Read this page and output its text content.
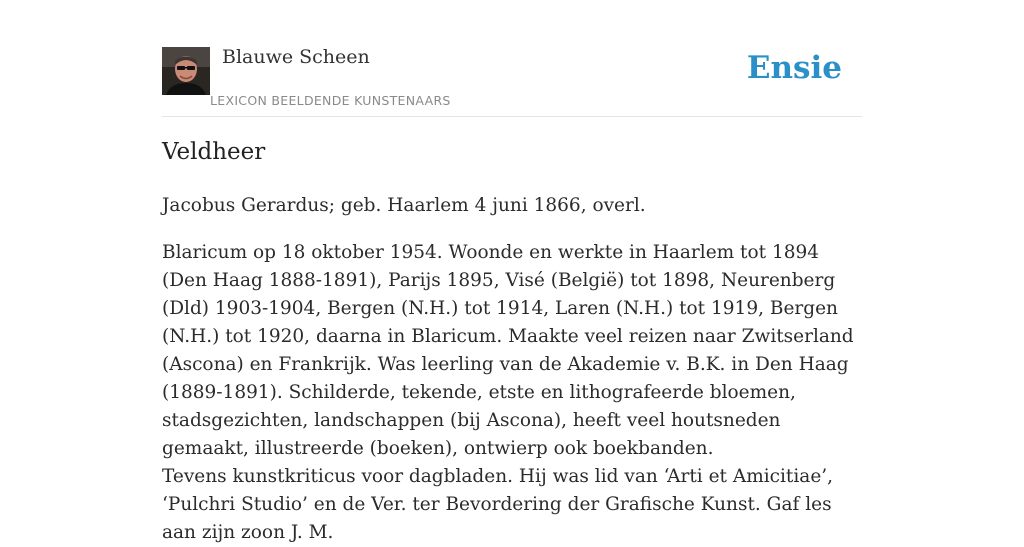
Blauwe Scheen
LEXICON BEELDENDE KUNSTENAARS
Ensie
Veldheer

Jacobus Gerardus; geb. Haarlem 4 juni 1866, overl.

Blaricum op 18 oktober 1954. Woonde en werkte in Haarlem tot 1894 (Den Haag 1888-1891), Parijs 1895, Visé (België) tot 1898, Neurenberg (Dld) 1903-1904, Bergen (N.H.) tot 1914, Laren (N.H.) tot 1919, Bergen (N.H.) tot 1920, daarna in Blaricum. Maakte veel reizen naar Zwitserland (Ascona) en Frankrijk. Was leerling van de Akademie v. B.K. in Den Haag (1889-1891). Schilderde, tekende, etste en lithografeerde bloemen, stadsgezichten, landschappen (bij Ascona), heeft veel houtsneden gemaakt, illustreerde (boeken), ontwierp ook boekbanden.

Tevens kunstkriticus voor dagbladen. Hij was lid van ‘Arti et Amicitiae’, ‘Pulchri Studio’ en de Ver. ter Bevordering der Grafische Kunst. Gaf les aan zijn zoon J. M.
